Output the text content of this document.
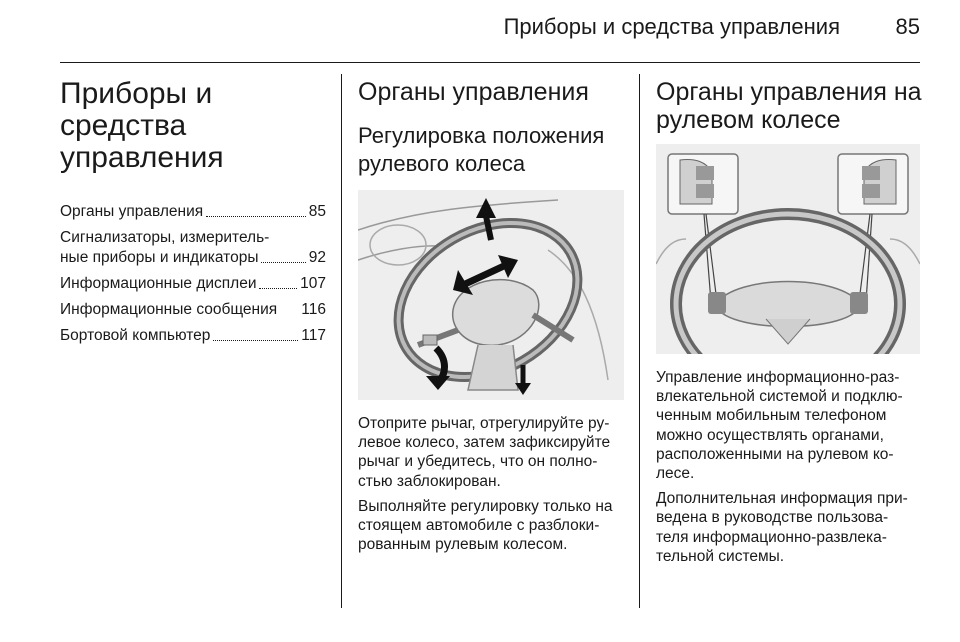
Приборы и средства управления	85
Приборы и средства
управления
Органы управления	85
Сигнализаторы, измеритель-
ные приборы и индикаторы	92
Информационные дисплеи	107
Информационные сообщения 116
Бортовой компьютер	117
Органы управления
Регулировка положения
рулевого колеса
Отоприте рычаг, отрегулируйте ру-
левое колесо, затем зафиксируйте
рычаг и убедитесь, что он полно-
стью заблокирован.
Выполняйте регулировку только на
стоящем автомобиле с разблоки-
рованным рулевым колесом.
Органы управления на
рулевом колесе
Управление информационно-раз-
влекательной системой и подклю-
ченным мобильным телефоном
можно осуществлять органами,
расположенными на рулевом ко-
лесе.
Дополнительная информация при-
ведена в руководстве пользова-
теля информационно-развлека-
тельной системы.
